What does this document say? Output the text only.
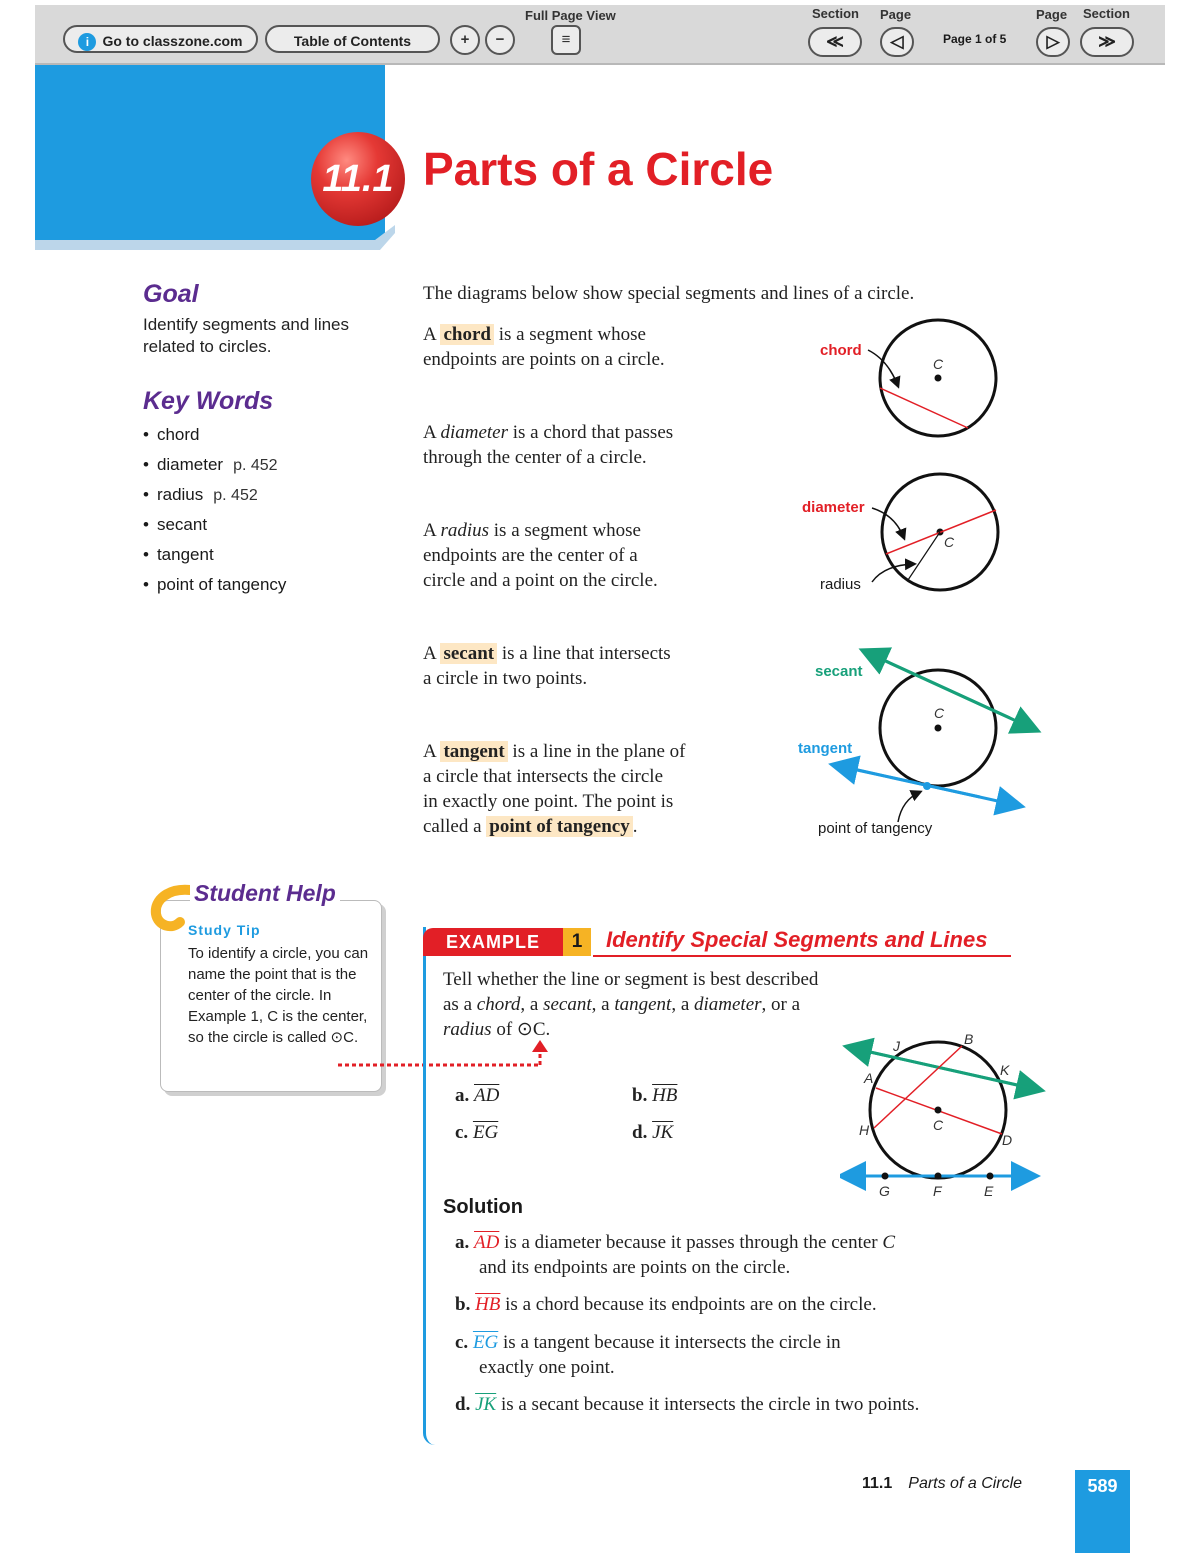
i Go to classzone.com	Table of Contents	+	−
Full Page View
≡
Section Page
≪	◁	Page 1 of 5
Page Section
▷	≫
11.1 Parts of a Circle
Goal
Identify segments and lines related to circles.
Key Words
• chord
• diameter p. 452
• radius p. 452
• secant
• tangent
• point of tangency
The diagrams below show special segments and lines of a circle.
A chord is a segment whose
endpoints are points on a circle.
A diameter is a chord that passes
through the center of a circle.
A radius is a segment whose
endpoints are the center of a
circle and a point on the circle.
A secant is a line that intersects
a circle in two points.
A tangent is a line in the plane of
a circle that intersects the circle
in exactly one point. The point is
called a point of tangency .
chord
C
diameter
C
radius
secant
C
tangent
point of tangency
Student Help
Study Tip
To identify a circle, you can name the point that is the center of the circle. In Example 1, C is the center, so the circle is called ⊙C.
EXAMPLE	1	Identify Special Segments and Lines
Tell whether the line or segment is best described
as a chord, a secant, a tangent, a diameter, or a
radius of ⊙C.
a. $\overline{AD}$	b. $\overline{HB}$
c. $\overline{EG}$	d. $\overline{JK}$
J	B
K
A
C
H
D
G	F	E
Solution
a. $\overline{AD}$ is a diameter because it passes through the center C
and its endpoints are points on the circle.
b. $\overline{HB}$ is a chord because its endpoints are on the circle.
c. $\overline{EG}$ is a tangent because it intersects the circle in
exactly one point.
d. $\overline{JK}$ is a secant because it intersects the circle in two points.
11.1 Parts of a Circle	589
